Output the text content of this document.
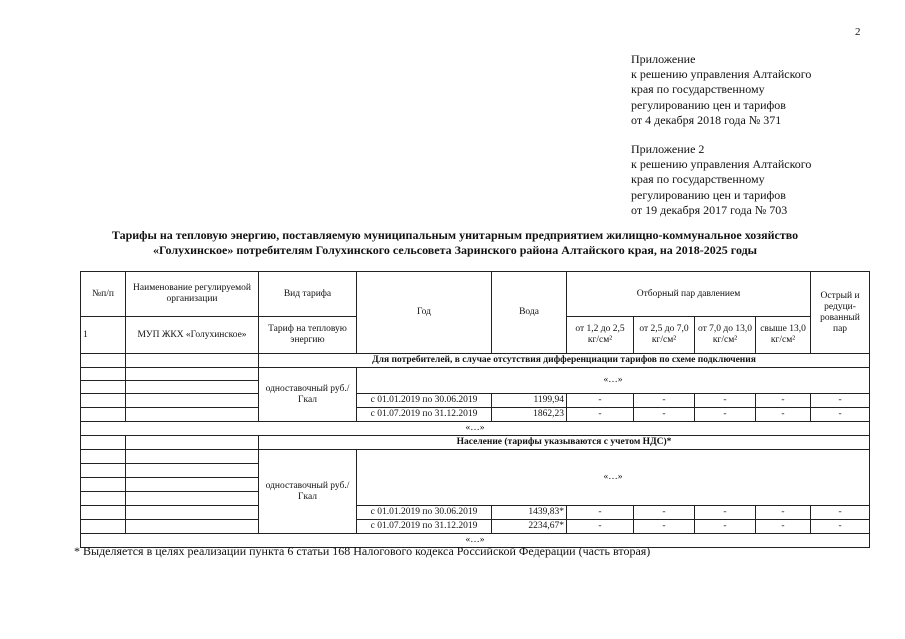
2
Приложение
к решению управления Алтайского
края по государственному
регулированию цен и тарифов
от 4 декабря 2018 года № 371
Приложение 2
к решению управления Алтайского
края по государственному
регулированию цен и тарифов
от 19 декабря 2017 года № 703
Тарифы на тепловую энергию, поставляемую муниципальным унитарным предприятием жилищно-коммунальное хозяйство
«Голухинское» потребителям Голухинского сельсовета Заринского района Алтайского края, на 2018-2025 годы
№п/п	Наименование регулируемой организации	Вид тарифа	Год	Вода	Отборный пар давлением				Острый и редуци-рованный пар
1	МУП ЖКХ «Голухинское»	Тариф на тепловую энергию			от 1,2 до 2,5 кг/см²	от 2,5 до 7,0 кг/см²	от 7,0 до 13,0 кг/см²	свыше 13,0 кг/см²	
		Для потребителей, в случае отсутствия дифференциации тарифов по схеме подключения							
		одноставочный руб./Гкал	«…»						

			с 01.01.2019 по 30.06.2019	1199,94	-	-	-	-	-
			с 01.07.2019 по 31.12.2019	1862,23	-	-	-	-	-
«…»									
		Население (тарифы указываются с учетом НДС)*							
		одноставочный руб./Гкал	«…»						

			с 01.01.2019 по 30.06.2019	1439,83*	-	-	-	-	-
			с 01.07.2019 по 31.12.2019	2234,67*	-	-	-	-	-
«…»									
* Выделяется в целях реализации пункта 6 статьи 168 Налогового кодекса Российской Федерации (часть вторая)
